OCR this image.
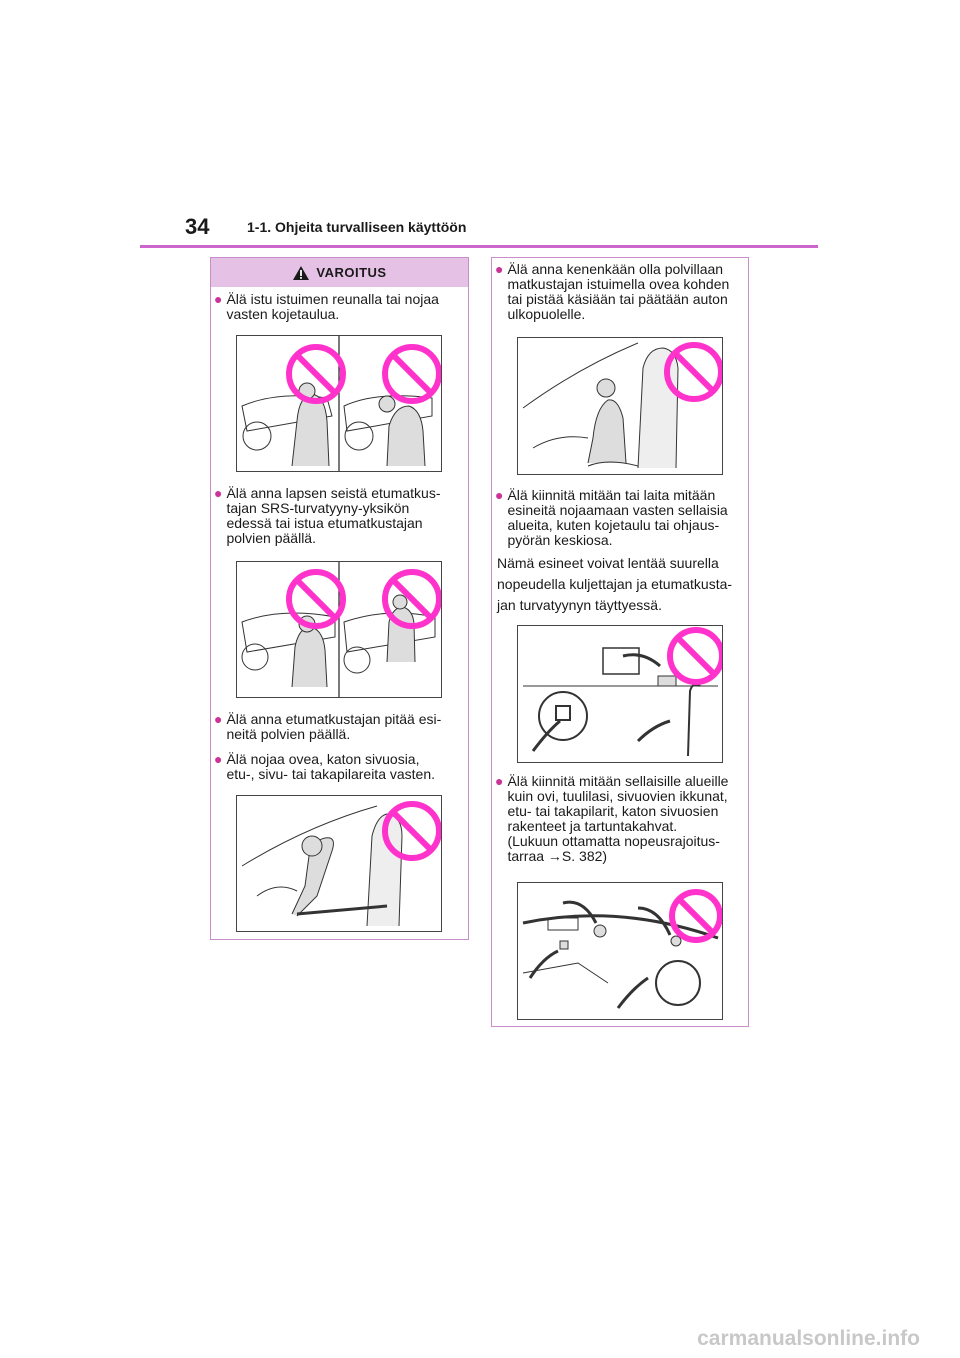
34	1-1. Ohjeita turvalliseen käyttöön
VAROITUS
● Älä istu istuimen reunalla tai nojaa
vasten kojetaulua.
● Älä anna lapsen seistä etumatkus-
tajan SRS-turvatyyny-yksikön
edessä tai istua etumatkustajan
polvien päällä.
● Älä anna etumatkustajan pitää esi-
neitä polvien päällä.
● Älä nojaa ovea, katon sivuosia,
etu-, sivu- tai takapilareita vasten.
● Älä anna kenenkään olla polvillaan
matkustajan istuimella ovea kohden
tai pistää käsiään tai päätään auton
ulkopuolelle.
● Älä kiinnitä mitään tai laita mitään
esineitä nojaamaan vasten sellaisia
alueita, kuten kojetaulu tai ohjaus-
pyörän keskiosa.
Nämä esineet voivat lentää suurella
nopeudella kuljettajan ja etumatkusta-
jan turvatyynyn täyttyessä.
● Älä kiinnitä mitään sellaisille alueille
kuin ovi, tuulilasi, sivuovien ikkunat,
etu- tai takapilarit, katon sivuosien
rakenteet ja tartuntakahvat.
(Lukuun ottamatta nopeusrajoitus-
tarraa →S. 382)
carmanualsonline.info
